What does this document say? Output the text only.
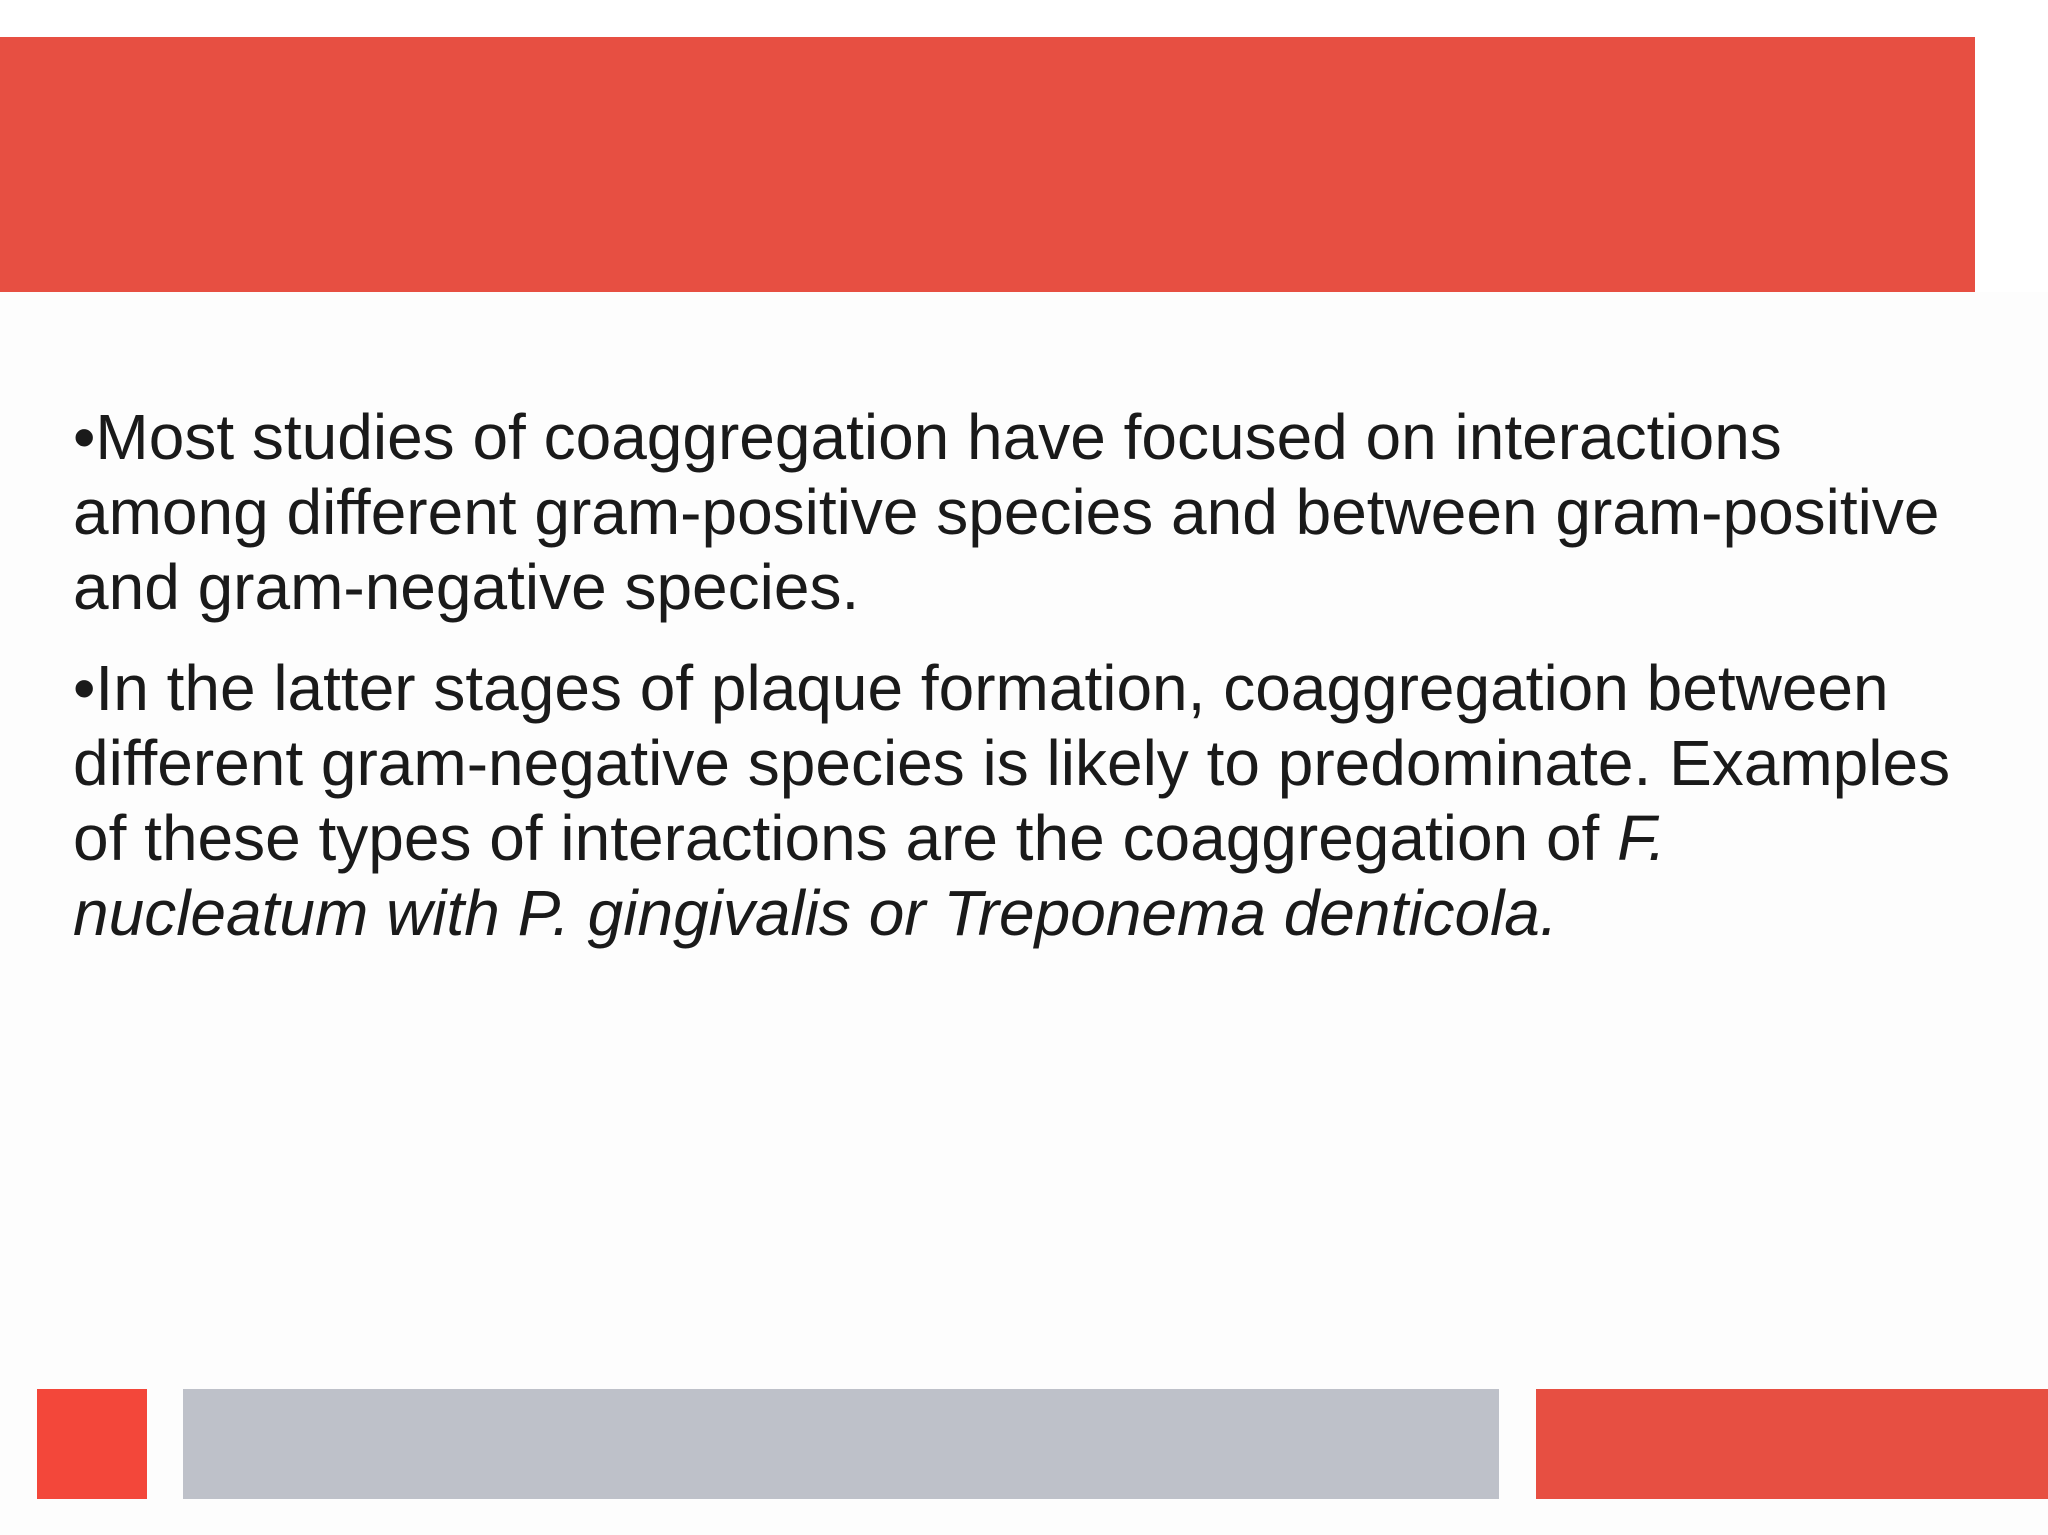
•Most studies of coaggregation have focused on interactions among different gram-positive species and between gram-positive and gram-negative species.

•In the latter stages of plaque formation, coaggregation between different gram-negative species is likely to predominate. Examples of these types of interactions are the coaggregation of F. nucleatum with P. gingivalis or Treponema denticola.
